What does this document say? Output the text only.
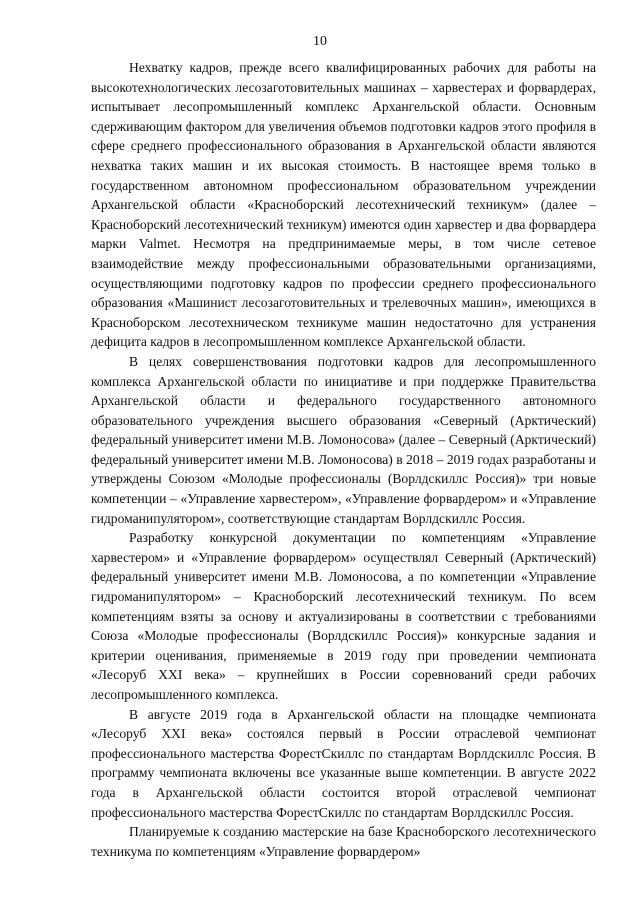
10

Нехватку кадров, прежде всего квалифицированных рабочих для работы на высокотехнологических лесозаготовительных машинах – харвестерах и форвардерах, испытывает лесопромышленный комплекс Архангельской области. Основным сдерживающим фактором для увеличения объемов подготовки кадров этого профиля в сфере среднего профессионального образования в Архангельской области являются нехватка таких машин и их высокая стоимость. В настоящее время только в государственном автономном профессиональном образовательном учреждении Архангельской области «Красноборский лесотехнический техникум» (далее – Красноборский лесотехнический техникум) имеются один харвестер и два форвардера марки Valmet. Несмотря на предпринимаемые меры, в том числе сетевое взаимодействие между профессиональными образовательными организациями, осуществляющими подготовку кадров по профессии среднего профессионального образования «Машинист лесозаготовительных и трелевочных машин», имеющихся в Красноборском лесотехническом техникуме машин недостаточно для устранения дефицита кадров в лесопромышленном комплексе Архангельской области.

В целях совершенствования подготовки кадров для лесопромышленного комплекса Архангельской области по инициативе и при поддержке Правительства Архангельской области и федерального государственного автономного образовательного учреждения высшего образования «Северный (Арктический) федеральный университет имени М.В. Ломоносова» (далее – Северный (Арктический) федеральный университет имени М.В. Ломоносова) в 2018 – 2019 годах разработаны и утверждены Союзом «Молодые профессионалы (Ворлдскиллс Россия)» три новые компетенции – «Управление харвестером», «Управление форвардером» и «Управление гидроманипулятором», соответствующие стандартам Ворлдскиллс Россия.

Разработку конкурсной документации по компетенциям «Управление харвестером» и «Управление форвардером» осуществлял Северный (Арктический) федеральный университет имени М.В. Ломоносова, а по компетенции «Управление гидроманипулятором» – Красноборский лесотехнический техникум. По всем компетенциям взяты за основу и актуализированы в соответствии с требованиями Союза «Молодые профессионалы (Ворлдскиллс Россия)» конкурсные задания и критерии оценивания, применяемые в 2019 году при проведении чемпионата «Лесоруб XXI века» – крупнейших в России соревнований среди рабочих лесопромышленного комплекса.

В августе 2019 года в Архангельской области на площадке чемпионата «Лесоруб XXI века» состоялся первый в России отраслевой чемпионат профессионального мастерства ФорестСкиллс по стандартам Ворлдскиллс Россия. В программу чемпионата включены все указанные выше компетенции. В августе 2022 года в Архангельской области состоится второй отраслевой чемпионат профессионального мастерства ФорестСкиллс по стандартам Ворлдскиллс Россия.

Планируемые к созданию мастерские на базе Красноборского лесотехнического техникума по компетенциям «Управление форвардером»
